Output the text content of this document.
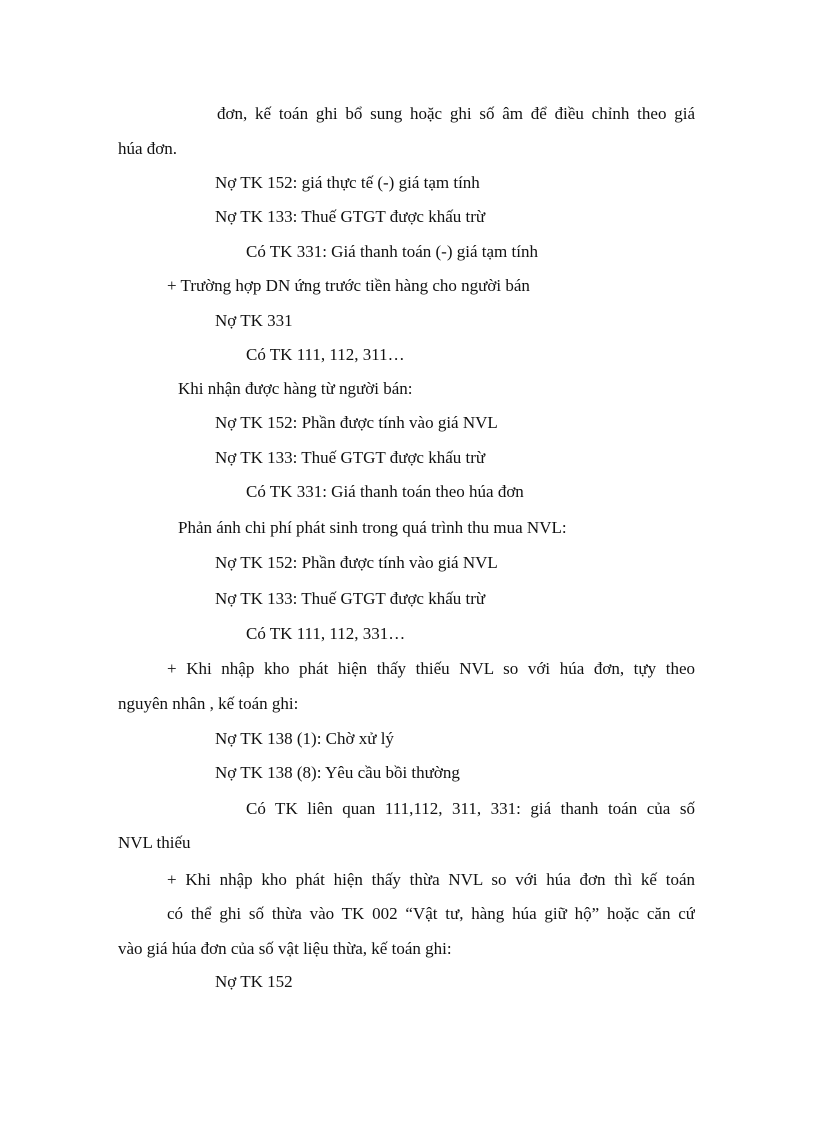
đơn, kế toán ghi bổ sung hoặc ghi số âm để điều chỉnh theo giá
húa đơn.
Nợ TK 152: giá thực tế (-) giá tạm tính
Nợ TK 133: Thuế GTGT được khấu trừ
Có TK 331: Giá thanh toán (-) giá tạm tính
+ Trường hợp DN ứng trước tiền hàng cho người bán
Nợ TK 331
Có TK 111, 112, 311…
Khi nhận được hàng từ người bán:
Nợ TK 152: Phần được tính vào giá NVL
Nợ TK 133: Thuế GTGT được khấu trừ
Có TK 331: Giá thanh toán theo húa đơn
Phản ánh chi phí phát sinh trong quá trình thu mua NVL:
Nợ TK 152: Phần được tính vào giá NVL
Nợ TK 133: Thuế GTGT được khấu trừ
Có TK 111, 112, 331…
+ Khi nhập kho phát hiện thấy thiếu NVL so với húa đơn, tựy theo
nguyên nhân , kế toán ghi:
Nợ TK 138 (1): Chờ xử lý
Nợ TK 138 (8): Yêu cầu bồi thường
Có TK liên quan 111,112, 311, 331: giá thanh toán của số
NVL thiếu
+ Khi nhập kho phát hiện thấy thừa NVL so với húa đơn thì kế toán
có thể ghi số thừa vào TK 002 “Vật tư, hàng húa giữ hộ” hoặc căn cứ
vào giá húa đơn của số vật liệu thừa, kế toán ghi:
Nợ TK 152
